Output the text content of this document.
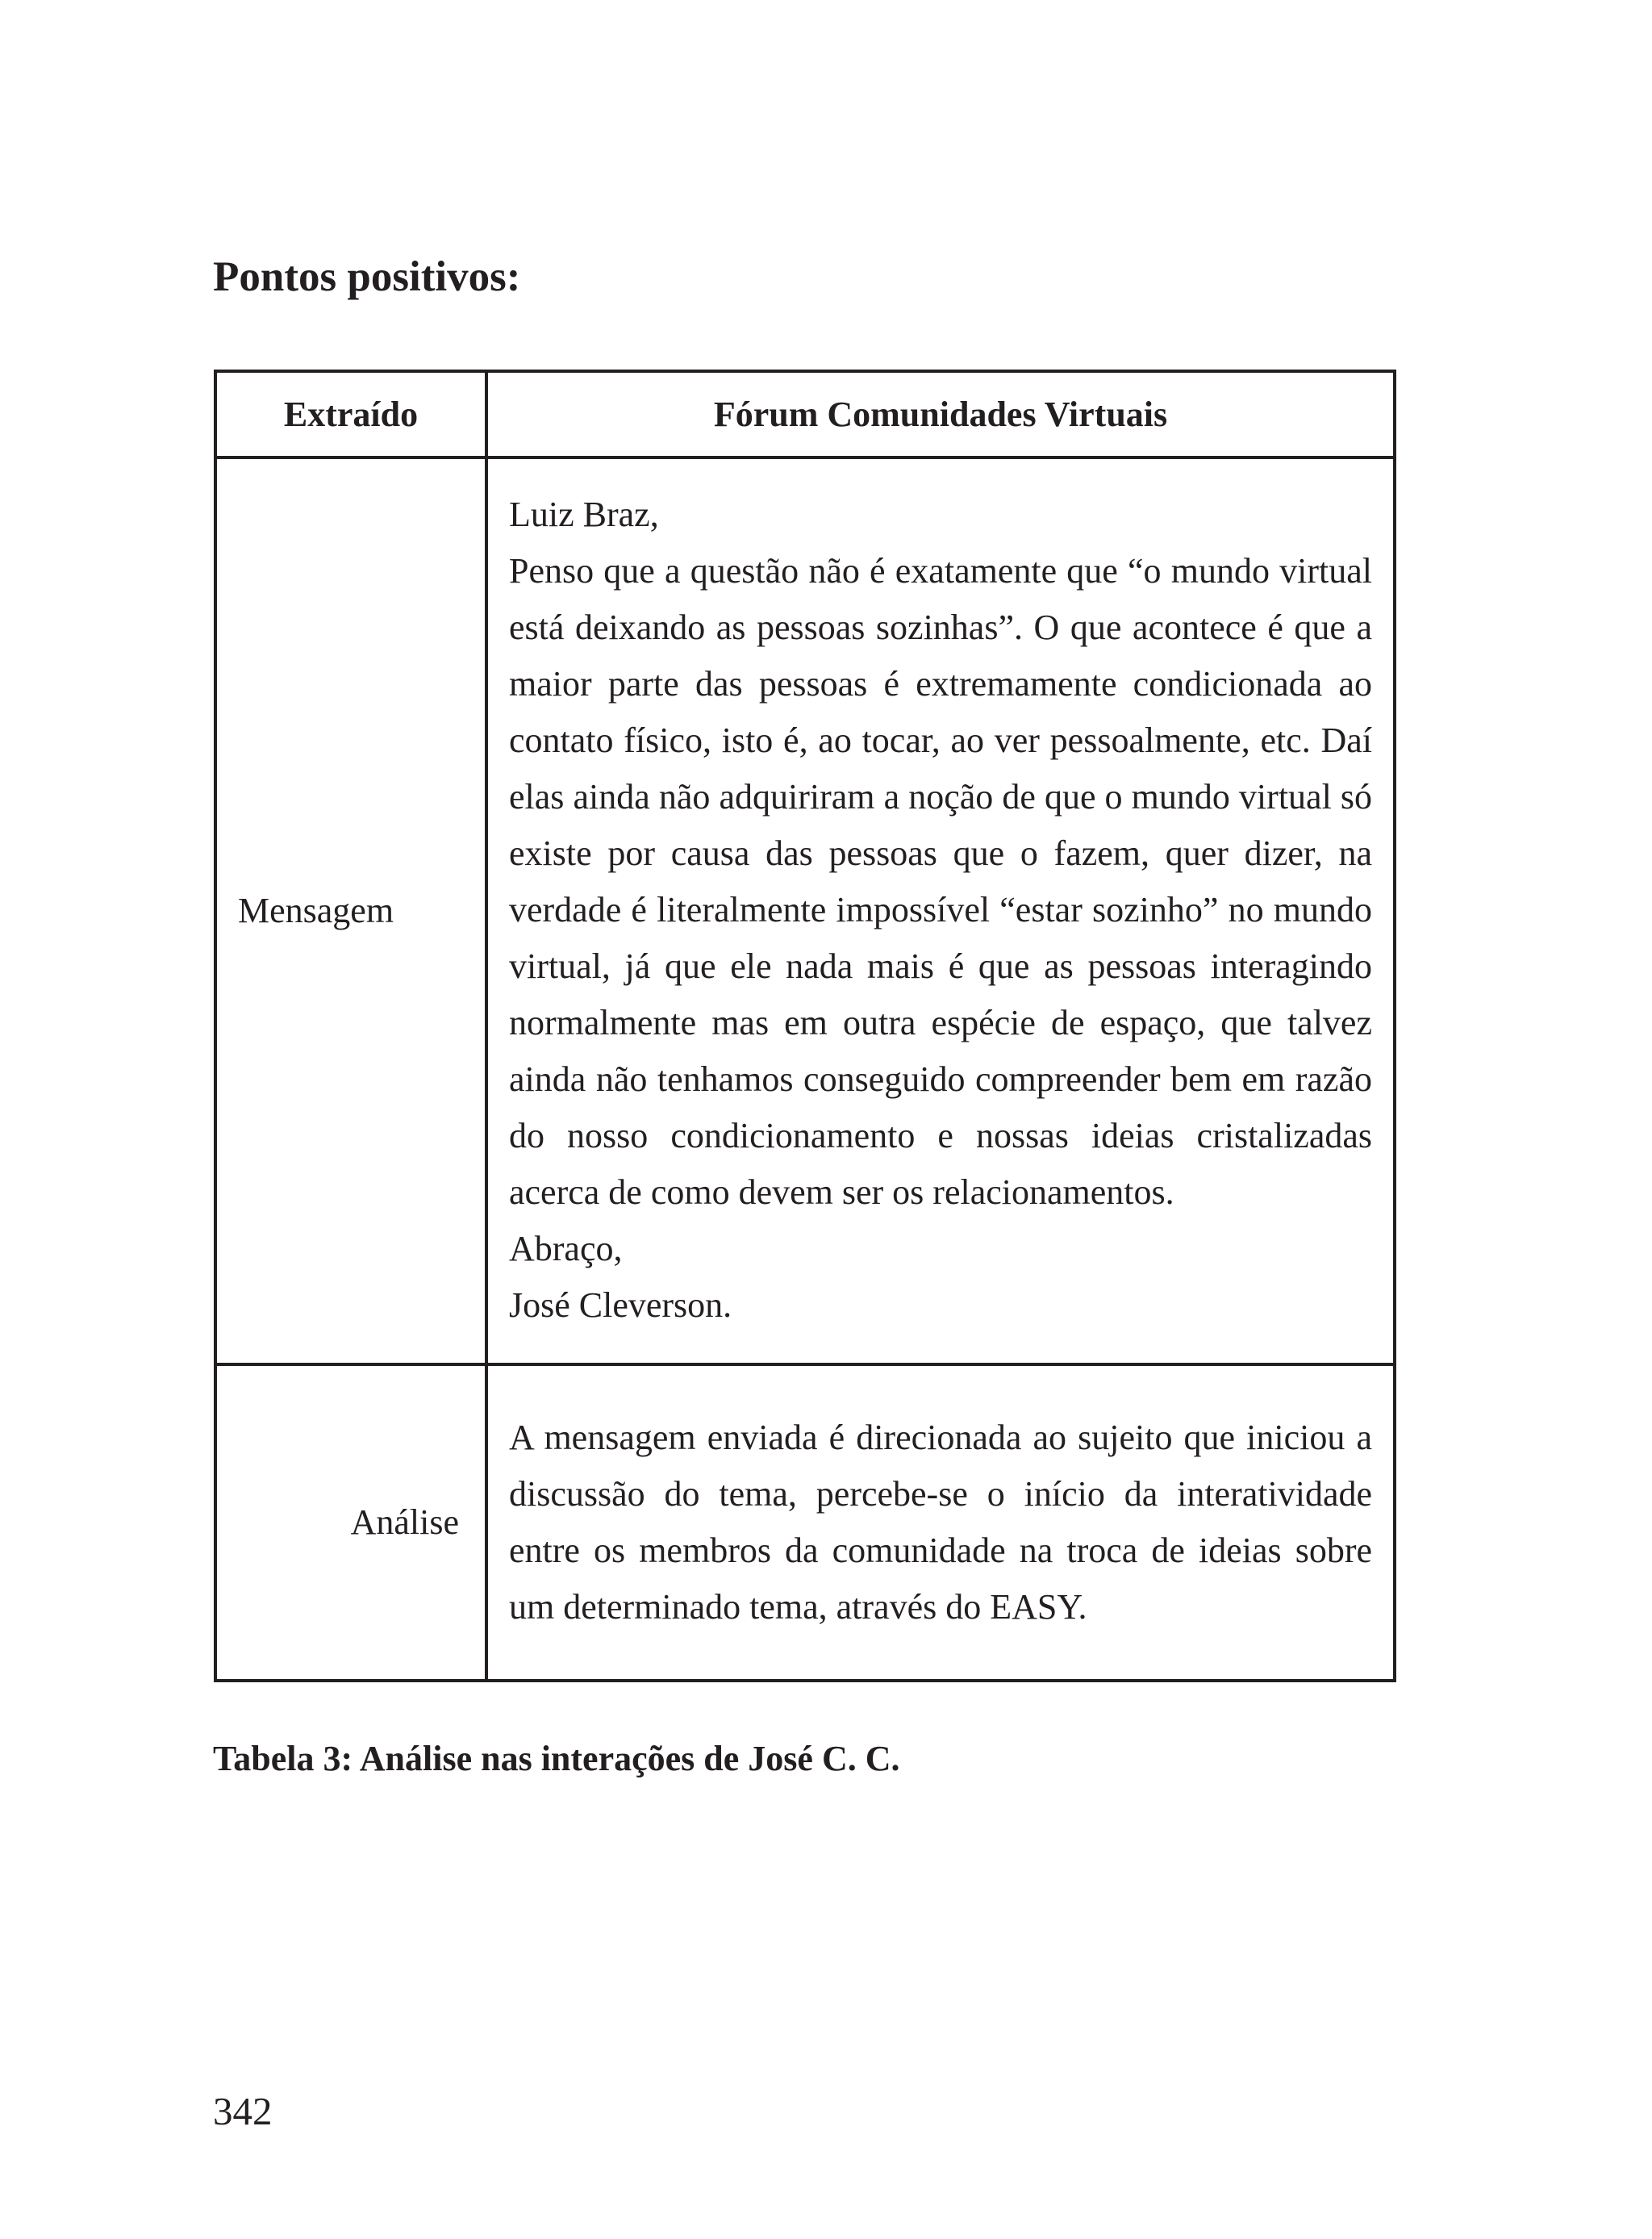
Pontos positivos:
Extraído	Fórum Comunidades Virtuais
Mensagem	Luiz Braz,
Penso que a questão não é exatamente que “o mundo virtual está deixando as pessoas sozinhas”. O que acontece é que a maior parte das pessoas é extremamente condicionada ao contato físico, isto é, ao tocar, ao ver pessoalmente, etc. Daí elas ainda não adquiriram a noção de que o mundo virtual só existe por causa das pessoas que o fazem, quer dizer, na verdade é literalmente impossível “estar sozinho” no mundo virtual, já que ele nada mais é que as pessoas interagindo normalmente mas em outra espécie de espaço, que talvez ainda não tenhamos conseguido compreender bem em razão do nosso condicionamento e nossas ideias cristalizadas acerca de como devem ser os relacionamentos.
Abraço,
José Cleverson.

Análise	A mensagem enviada é direcionada ao sujeito que iniciou a discussão do tema, percebe-se o início da interatividade entre os membros da comunidade na troca de ideias sobre um determinado tema, através do EASY.

Tabela 3: Análise nas interações de José C. C.

342
